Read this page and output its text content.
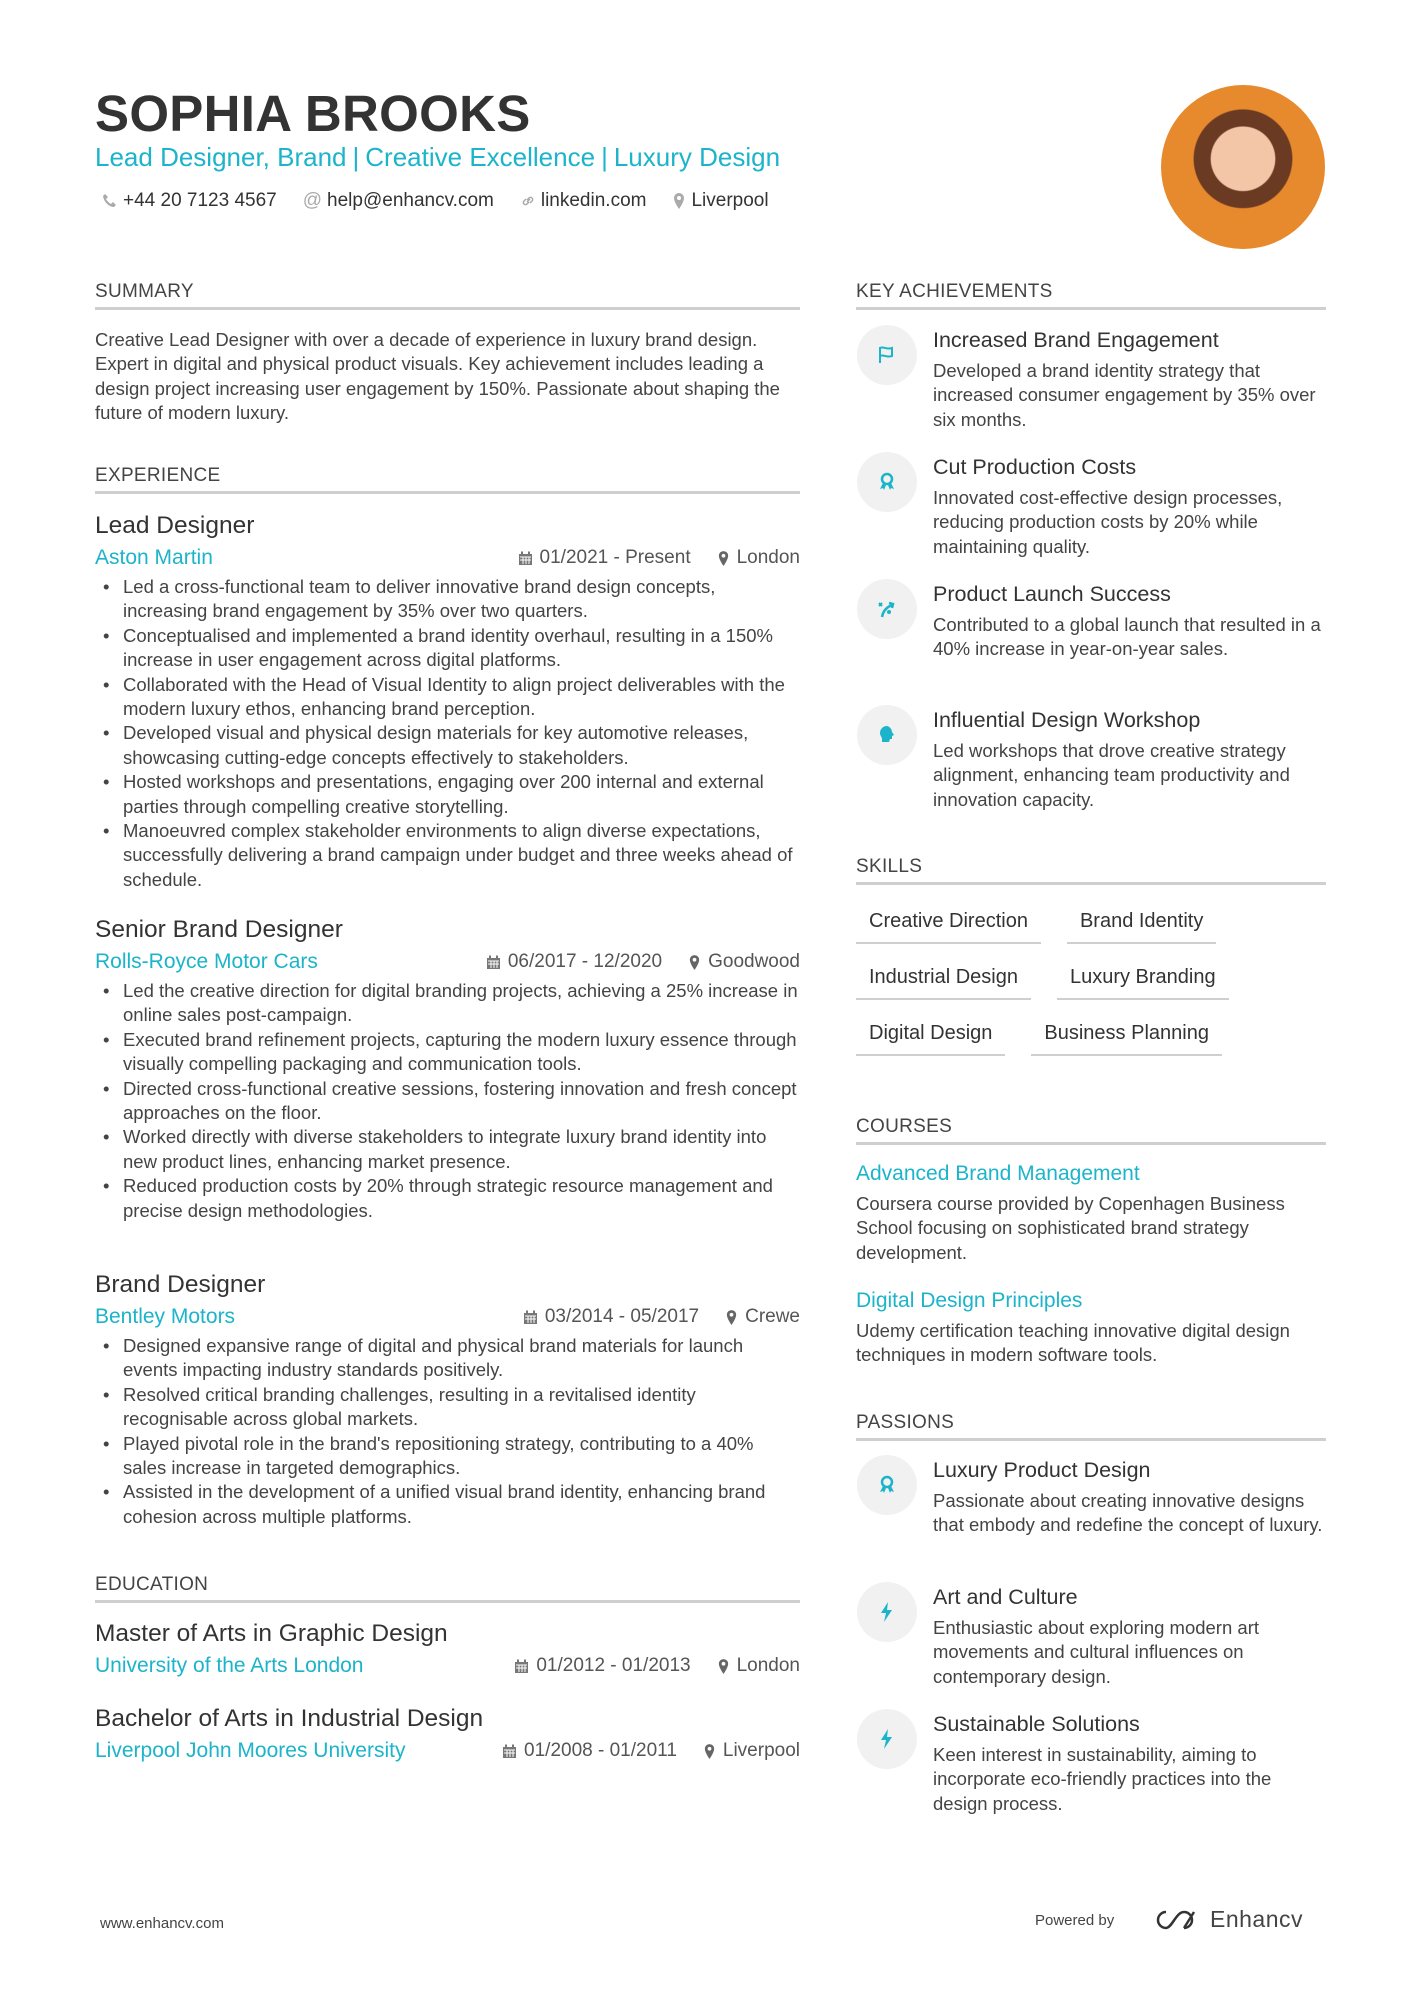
SOPHIA BROOKS
Lead Designer, Brand | Creative Excellence | Luxury Design
+44 20 7123 4567 @ help@enhancv.com linkedin.com Liverpool
SUMMARY
Creative Lead Designer with over a decade of experience in luxury brand design. Expert in digital and physical product visuals. Key achievement includes leading a design project increasing user engagement by 150%. Passionate about shaping the future of modern luxury.
EXPERIENCE
Lead Designer
Aston Martin	01/2021 - Present London
• Led a cross-functional team to deliver innovative brand design concepts, increasing brand engagement by 35% over two quarters.
• Conceptualised and implemented a brand identity overhaul, resulting in a 150% increase in user engagement across digital platforms.
• Collaborated with the Head of Visual Identity to align project deliverables with the modern luxury ethos, enhancing brand perception.
• Developed visual and physical design materials for key automotive releases, showcasing cutting-edge concepts effectively to stakeholders.
• Hosted workshops and presentations, engaging over 200 internal and external parties through compelling creative storytelling.
• Manoeuvred complex stakeholder environments to align diverse expectations, successfully delivering a brand campaign under budget and three weeks ahead of schedule.
Senior Brand Designer
Rolls-Royce Motor Cars	06/2017 - 12/2020 Goodwood
• Led the creative direction for digital branding projects, achieving a 25% increase in online sales post-campaign.
• Executed brand refinement projects, capturing the modern luxury essence through visually compelling packaging and communication tools.
• Directed cross-functional creative sessions, fostering innovation and fresh concept approaches on the floor.
• Worked directly with diverse stakeholders to integrate luxury brand identity into new product lines, enhancing market presence.
• Reduced production costs by 20% through strategic resource management and precise design methodologies.
Brand Designer
Bentley Motors	03/2014 - 05/2017 Crewe
• Designed expansive range of digital and physical brand materials for launch events impacting industry standards positively.
• Resolved critical branding challenges, resulting in a revitalised identity recognisable across global markets.
• Played pivotal role in the brand's repositioning strategy, contributing to a 40% sales increase in targeted demographics.
• Assisted in the development of a unified visual brand identity, enhancing brand cohesion across multiple platforms.
EDUCATION
Master of Arts in Graphic Design
University of the Arts London	01/2012 - 01/2013 London
Bachelor of Arts in Industrial Design
Liverpool John Moores University	01/2008 - 01/2011 Liverpool
KEY ACHIEVEMENTS
Increased Brand Engagement
Developed a brand identity strategy that increased consumer engagement by 35% over six months.
Cut Production Costs
Innovated cost-effective design processes, reducing production costs by 20% while maintaining quality.
Product Launch Success
Contributed to a global launch that resulted in a 40% increase in year-on-year sales.
Influential Design Workshop
Led workshops that drove creative strategy alignment, enhancing team productivity and innovation capacity.
SKILLS
Creative Direction	Brand Identity
Industrial Design	Luxury Branding
Digital Design	Business Planning
COURSES
Advanced Brand Management
Coursera course provided by Copenhagen Business School focusing on sophisticated brand strategy development.
Digital Design Principles
Udemy certification teaching innovative digital design techniques in modern software tools.
PASSIONS
Luxury Product Design
Passionate about creating innovative designs that embody and redefine the concept of luxury.
Art and Culture
Enthusiastic about exploring modern art movements and cultural influences on contemporary design.
Sustainable Solutions
Keen interest in sustainability, aiming to incorporate eco-friendly practices into the design process.
www.enhancv.com	Powered by	Enhancv
